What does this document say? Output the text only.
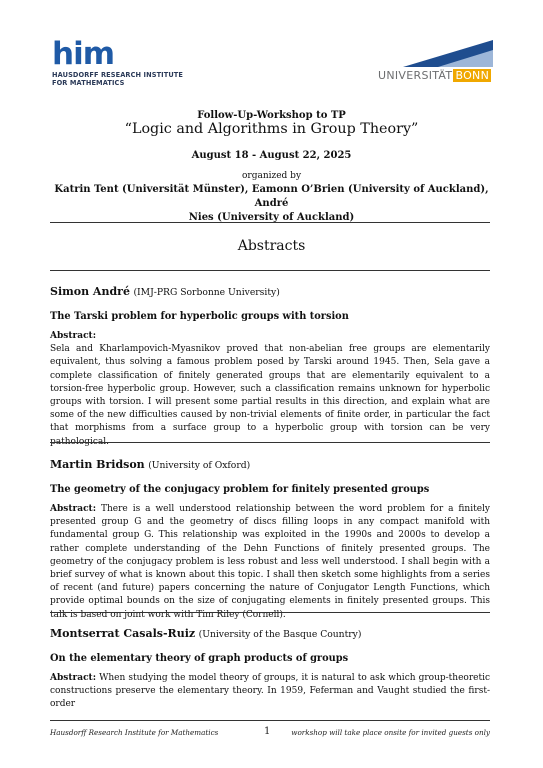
him
HAUSDORFF RESEARCH INSTITUTE
FOR MATHEMATICS
UNIVERSITÄT BONN
Follow-Up-Workshop to TP
“Logic and Algorithms in Group Theory”
August 18 - August 22, 2025
organized by
Katrin Tent (Universität Münster), Eamonn O’Brien (University of Auckland), André
Nies (University of Auckland)
Abstracts
Simon André (IMJ-PRG Sorbonne University)
The Tarski problem for hyperbolic groups with torsion
Abstract:
Sela and Kharlampovich-Myasnikov proved that non-abelian free groups are elementarily equivalent, thus solving a famous problem posed by Tarski around 1945. Then, Sela gave a complete classification of finitely generated groups that are elementarily equivalent to a torsion-free hyperbolic group. However, such a classification remains unknown for hyperbolic groups with torsion. I will present some partial results in this direction, and explain what are some of the new difficulties caused by non-trivial elements of finite order, in particular the fact that morphisms from a surface group to a hyperbolic group with torsion can be very pathological.
Martin Bridson (University of Oxford)
The geometry of the conjugacy problem for finitely presented groups
Abstract: There is a well understood relationship between the word problem for a finitely presented group G and the geometry of discs filling loops in any compact manifold with fundamental group G. This relationship was exploited in the 1990s and 2000s to develop a rather complete understanding of the Dehn Functions of finitely presented groups. The geometry of the conjugacy problem is less robust and less well understood. I shall begin with a brief survey of what is known about this topic. I shall then sketch some highlights from a series of recent (and future) papers concerning the nature of Conjugator Length Functions, which provide optimal bounds on the size of conjugating elements in finitely presented groups. This talk is based on joint work with Tim Riley (Cornell).
Montserrat Casals-Ruiz (University of the Basque Country)
On the elementary theory of graph products of groups
Abstract: When studying the model theory of groups, it is natural to ask which group-theoretic constructions preserve the elementary theory. In 1959, Feferman and Vaught studied the first-order
Hausdorff Research Institute for Mathematics	1	workshop will take place onsite for invited guests only
